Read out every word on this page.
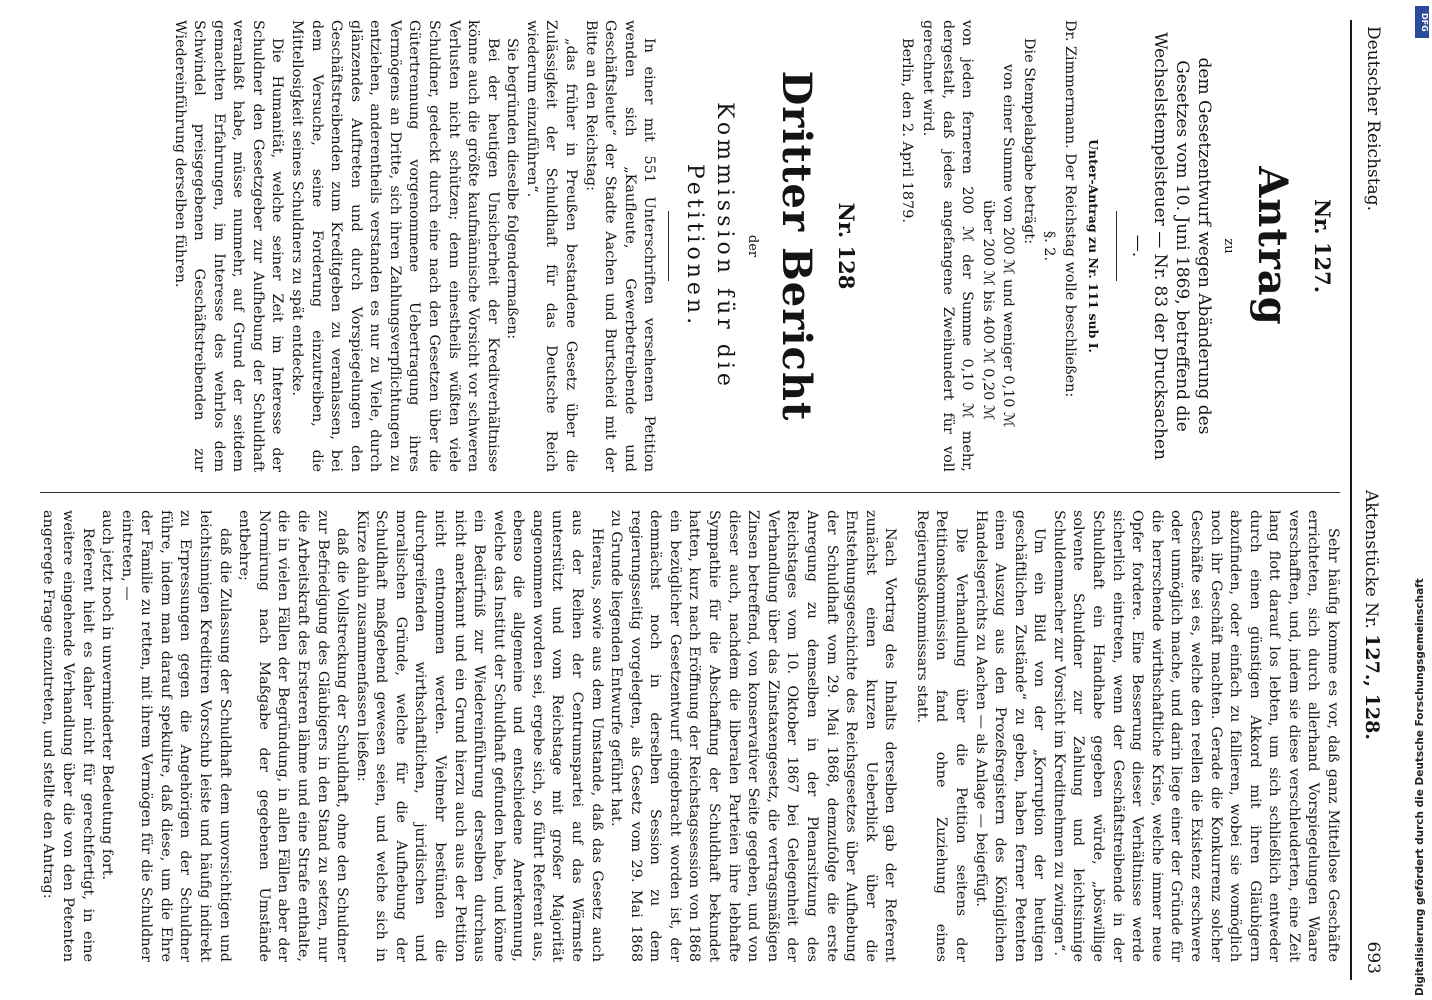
Deutscher Reichstag.
Aktenstücke Nr. 127., 128.
693
Nr. 127.
Antrag
zu
dem Gesetzentwurf wegen Abänderung des Gesetzes vom 10. Juni 1869, betreffend die Wechselstempelsteuer — Nr. 83 der Drucksachen —.
Unter-Antrag zu Nr. 111 sub I.

Dr. Zimmermann. Der Reichstag wolle beschließen:

§. 2.

Die Stempelabgabe beträgt:

von einer Summe von 200 ℳ und weniger 0,10 ℳ

über 200 ℳ bis 400 ℳ 0,20 ℳ

von jeden ferneren 200 ℳ der Summe 0,10 ℳ mehr, dergestalt, daß jedes angefangene Zweihundert für voll gerechnet wird.

Berlin, den 2. April 1879.

Nr. 128
Dritter Bericht
der
Kommission für die Petitionen.

In einer mit 551 Unterschriften versehenen Petition wenden sich „Kaufleute, Gewerbetreibende und Geschäftsleute“ der Stadte Aachen und Burtscheid mit der Bitte an den Reichstag:

„das früher in Preußen bestandene Gesetz über die Zulässigkeit der Schuldhaft für das Deutsche Reich wiederum einzuführen“.

Sie begründen dieselbe folgendermaßen:

Bei der heutigen Unsicherheit der Kreditverhältnisse könne auch die größte kaufmännische Vorsicht vor schweren Verlusten nicht schützen; denn einestheils wüßten viele Schuldner, gedeckt durch eine nach den Gesetzen über die Gütertrennung vorgenommene Uebertragung ihres Vermögens an Dritte, sich ihren Zahlungsverpflichtungen zu entziehen, anderentheils verstanden es nur zu Viele, durch glänzendes Auftreten und durch Vorspiegelungen den Geschäftstreibenden zum Kreditgeben zu veranlassen, bei dem Versuche, seine Forderung einzutreiben, die Mittellosigkeit seines Schuldners zu spät entdecke.

Die Humanität, welche seiner Zeit im Interesse der Schuldner den Gesetzgeber zur Aufhebung der Schuldhaft veranlaßt habe, müsse nunmehr, auf Grund der seitdem gemachten Erfahrungen, im Interesse des wehrlos dem Schwindel preisgegebenen Geschäftstreibenden zur Wiedereinführung derselben führen.

Sehr häufig komme es vor, daß ganz Mittellose Geschäfte errichteten, sich durch allerhand Vorspiegelungen Waare verschafften, und, indem sie diese verschleuderten, eine Zeit lang flott darauf los lebten, um sich schließlich entweder durch einen günstigen Akkord mit ihren Gläubigern abzufinden, oder einfach zu fallieren, wobei sie womöglich noch ihr Geschäft machten. Gerade die Konkurrenz solcher Geschäfte sei es, welche den reellen die Existenz erschwere oder unmöglich mache, und darin liege einer der Gründe für die herrschende wirthschaftliche Krise, welche immer neue Opfer fordere. Eine Besserung dieser Verhältnisse werde sicherlich eintreten, wenn der Geschäftstreibende in der Schuldhaft ein Handhabe gegeben würde, „böswillige solvente Schuldner zur Zahlung und leichtsinnige Schuldenmacher zur Vorsicht im Kreditnehmen zu zwingen“.

Um ein Bild von der „Korruption der heutigen geschäftlichen Zustände“ zu geben, haben ferner Petenten einen Auszug aus den Prozeßregistern des Königlichen Handelsgerichts zu Aachen — als Anlage — beigefügt.

Die Verhandlung über die Petition seitens der Petitionskommission fand ohne Zuziehung eines Regierungskommissars statt.

Nach Vortrag des Inhalts derselben gab der Referent zunächst einen kurzen Ueberblick über die Entstehungsgeschichte des Reichsgesetzes über Aufhebung der Schuldhaft vom 29. Mai 1868, demzufolge die erste Anregung zu demselben in der Plenarsitzung des Reichstages vom 10. Oktober 1867 bei Gelegenheit der Verhandlung über das Zinstaxengesetz, die vertragsmäßigen Zinsen betreffend, von konservativer Seite gegeben, und von dieser auch, nachdem die liberalen Parteien ihre lebhafte Sympathie für die Abschaffung der Schuldhaft bekundet hatten, kurz nach Eröffnung der Reichstagssession von 1868 ein bezüglicher Gesetzentwurf eingebracht worden ist, der demnächst noch in derselben Session zu dem regierungsseitig vorgelegten, als Gesetz vom 29. Mai 1868 zu Grunde liegenden Entwurfe geführt hat.

Hieraus, sowie aus dem Umstande, daß das Gesetz auch aus der Reihen der Centrumspartei auf das Wärmste unterstützt und vom Reichstage mit großer Majorität angenommen worden sei, ergebe sich, so führt Referent aus, ebenso die allgemeine und entschiedene Anerkennung, welche das Institut der Schuldhaft gefunden habe, und könne ein Bedürfniß zur Wiedereinführung derselben durchaus nicht anerkannt und ein Grund hierzu auch aus der Petition nicht entnommen werden. Vielmehr bestünden die durchgreifenden wirthschaftlichen, juridischen und moralischen Gründe, welche für die Aufhebung der Schuldhaft maßgebend gewesen seien, und welche sich in Kürze dahin zusammenfassen ließen:

daß die Vollstreckung der Schuldhaft, ohne den Schuldner zur Befriedigung des Gläubigers in den Stand zu setzen, nur die Arbeitskraft des Ersteren lähme und eine Strafe enthalte, die in vielen Fällen der Begründung, in allen Fällen aber der Normirung nach Maßgabe der gegebenen Umstände entbehre;

daß die Zulassung der Schuldhaft dem unvorsichtigen und leichtsinnigen Kreditiren Vorschub leiste und häufig indirekt zu Erpressungen gegen die Angehörigen der Schuldner führe, indem man darauf spekulire, daß diese, um die Ehre der Familie zu retten, mit ihrem Vermögen für die Schuldner eintreten, —

auch jetzt noch in unverminderter Bedeutung fort.

Referent hielt es daher nicht für gerechtfertigt, in eine weitere eingehende Verhandlung über die von den Petenten angeregte Frage einzutreten, und stellte den Antrag:

DFG
Digitalisierung gefördert durch die Deutsche Forschungsgemeinschaft
